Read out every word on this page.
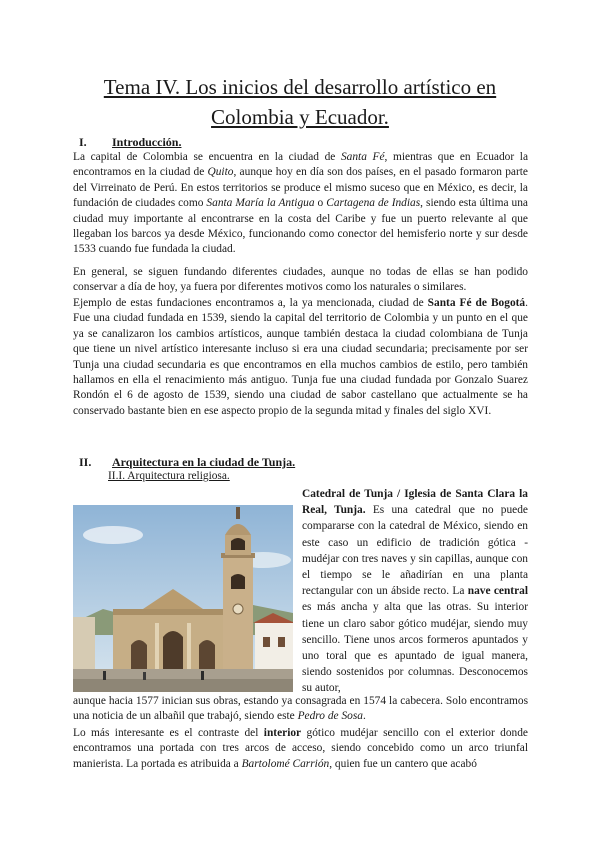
Tema IV. Los inicios del desarrollo artístico en Colombia y Ecuador.
I. Introducción.

La capital de Colombia se encuentra en la ciudad de Santa Fé, mientras que en Ecuador la encontramos en la ciudad de Quito, aunque hoy en día son dos países, en el pasado formaron parte del Virreinato de Perú. En estos territorios se produce el mismo suceso que en México, es decir, la fundación de ciudades como Santa María la Antigua o Cartagena de Indias, siendo esta última una ciudad muy importante al encontrarse en la costa del Caribe y fue un puerto relevante al que llegaban los barcos ya desde México, funcionando como conector del hemisferio norte y sur desde 1533 cuando fue fundada la ciudad.

En general, se siguen fundando diferentes ciudades, aunque no todas de ellas se han podido conservar a día de hoy, ya fuera por diferentes motivos como los naturales o similares.

Ejemplo de estas fundaciones encontramos a, la ya mencionada, ciudad de Santa Fé de Bogotá. Fue una ciudad fundada en 1539, siendo la capital del territorio de Colombia y un punto en el que ya se canalizaron los cambios artísticos, aunque también destaca la ciudad colombiana de Tunja que tiene un nivel artístico interesante incluso si era una ciudad secundaria; precisamente por ser Tunja una ciudad secundaria es que encontramos en ella muchos cambios de estilo, pero también hallamos en ella el renacimiento más antiguo. Tunja fue una ciudad fundada por Gonzalo Suarez Rondón el 6 de agosto de 1539, siendo una ciudad de sabor castellano que actualmente se ha conservado bastante bien en ese aspecto propio de la segunda mitad y finales del siglo XVI.

II. Arquitectura en la ciudad de Tunja.
II.I. Arquitectura religiosa.

Catedral de Tunja / Iglesia de Santa Clara la Real, Tunja. Es una catedral que no puede compararse con la catedral de México, siendo en este caso un edificio de tradición gótica - mudéjar con tres naves y sin capillas, aunque con el tiempo se le añadirían en una planta rectangular con un ábside recto. La nave central es más ancha y alta que las otras. Su interior tiene un claro sabor gótico mudéjar, siendo muy sencillo. Tiene unos arcos formeros apuntados y uno toral que es apuntado de igual manera, siendo sostenidos por columnas. Desconocemos su autor,

aunque hacia 1577 inician sus obras, estando ya consagrada en 1574 la cabecera. Solo encontramos una noticia de un albañil que trabajó, siendo este Pedro de Sosa.

Lo más interesante es el contraste del interior gótico mudéjar sencillo con el exterior donde encontramos una portada con tres arcos de acceso, siendo concebido como un arco triunfal manierista. La portada es atribuida a Bartolomé Carrión, quien fue un cantero que acabó
